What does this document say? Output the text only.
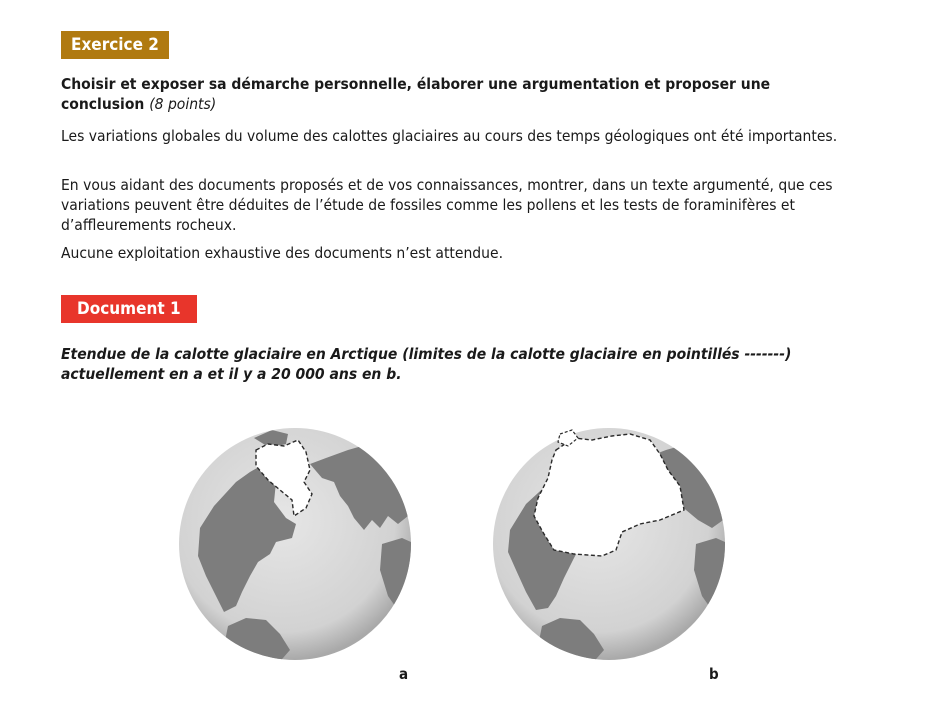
Exercice 2
Choisir et exposer sa démarche personnelle, élaborer une argumentation et proposer une conclusion (8 points)
Les variations globales du volume des calottes glaciaires au cours des temps géologiques ont été importantes.
En vous aidant des documents proposés et de vos connaissances, montrer, dans un texte argumenté, que ces variations peuvent être déduites de l’étude de fossiles comme les pollens et les tests de foraminifères et d’affleurements rocheux.
Aucune exploitation exhaustive des documents n’est attendue.
Document 1
Etendue de la calotte glaciaire en Arctique (limites de la calotte glaciaire en pointillés -------) actuellement en a et il y a 20 000 ans en b.
a	b
